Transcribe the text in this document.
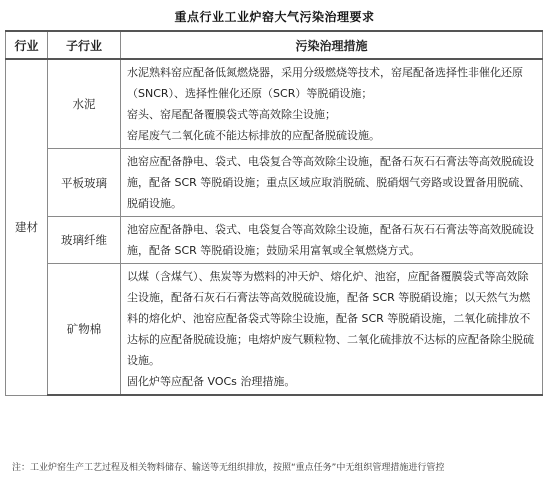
重点行业工业炉窑大气污染治理要求
行业	子行业	污染治理措施
建材	水泥	水泥熟料窑应配备低氮燃烧器，采用分级燃烧等技术，窑尾配备选择性非催化还原（SNCR）、选择性催化还原（SCR）等脱硝设施；
窑头、窑尾配备覆膜袋式等高效除尘设施；
窑尾废气二氧化硫不能达标排放的应配备脱硫设施。

	平板玻璃	池窑应配备静电、袋式、电袋复合等高效除尘设施，配备石灰石石膏法等高效脱硫设施，配备 SCR 等脱硝设施；重点区域应取消脱硫、脱硝烟气旁路或设置备用脱硫、脱硝设施。

	玻璃纤维	池窑应配备静电、袋式、电袋复合等高效除尘设施，配备石灰石石膏法等高效脱硫设施，配备 SCR 等脱硝设施；鼓励采用富氧或全氧燃烧方式。

	矿物棉	以煤（含煤气）、焦炭等为燃料的冲天炉、熔化炉、池窑，应配备覆膜袋式等高效除尘设施，配备石灰石石膏法等高效脱硫设施，配备 SCR 等脱硝设施；以天然气为燃料的熔化炉、池窑应配备袋式等除尘设施，配备 SCR 等脱硝设施，二氧化硫排放不达标的应配备脱硫设施；电熔炉废气颗粒物、二氧化硫排放不达标的应配备除尘脱硫设施。
固化炉等应配备 VOCs 治理措施。
注：工业炉窑生产工艺过程及相关物料储存、输送等无组织排放，按照“重点任务”中无组织管理措施进行管控
